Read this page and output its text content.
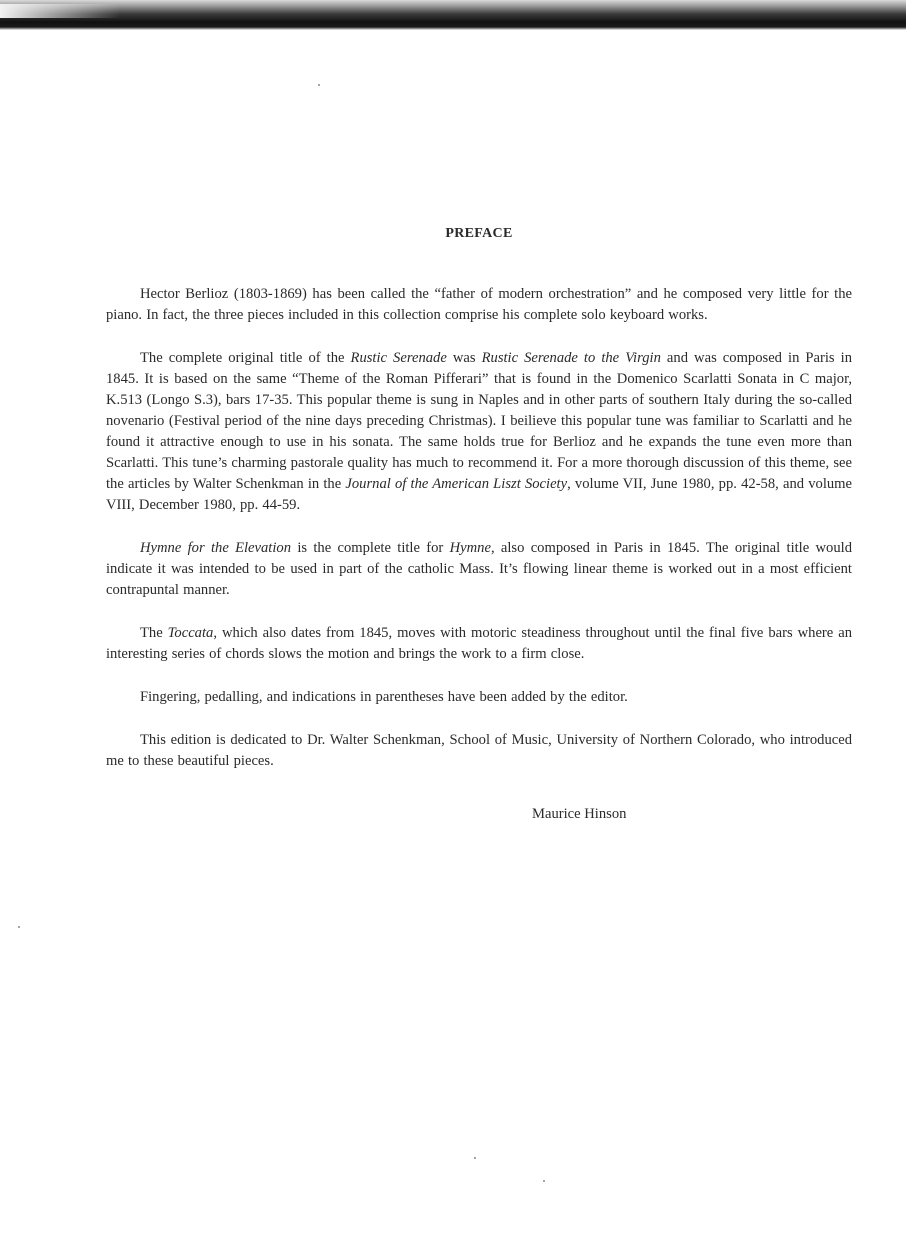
PREFACE
Hector Berlioz (1803-1869) has been called the “father of modern orchestration” and he composed very little for the piano. In fact, the three pieces included in this collection comprise his complete solo keyboard works.
The complete original title of the Rustic Serenade was Rustic Serenade to the Virgin and was composed in Paris in 1845. It is based on the same “Theme of the Roman Pifferari” that is found in the Domenico Scarlatti Sonata in C major, K.513 (Longo S.3), bars 17-35. This popular theme is sung in Naples and in other parts of southern Italy during the so-called novenario (Festival period of the nine days preceding Christmas). I beilieve this popular tune was familiar to Scarlatti and he found it attractive enough to use in his sonata. The same holds true for Berlioz and he expands the tune even more than Scarlatti. This tune’s charming pastorale quality has much to recommend it. For a more thorough discussion of this theme, see the articles by Walter Schenkman in the Journal of the American Liszt Society, volume VII, June 1980, pp. 42-58, and volume VIII, December 1980, pp. 44-59.
Hymne for the Elevation is the complete title for Hymne, also composed in Paris in 1845. The original title would indicate it was intended to be used in part of the catholic Mass. It’s flowing linear theme is worked out in a most efficient contrapuntal manner.
The Toccata, which also dates from 1845, moves with motoric steadiness throughout until the final five bars where an interesting series of chords slows the motion and brings the work to a firm close.
Fingering, pedalling, and indications in parentheses have been added by the editor.
This edition is dedicated to Dr. Walter Schenkman, School of Music, University of Northern Colorado, who introduced me to these beautiful pieces.
Maurice Hinson
